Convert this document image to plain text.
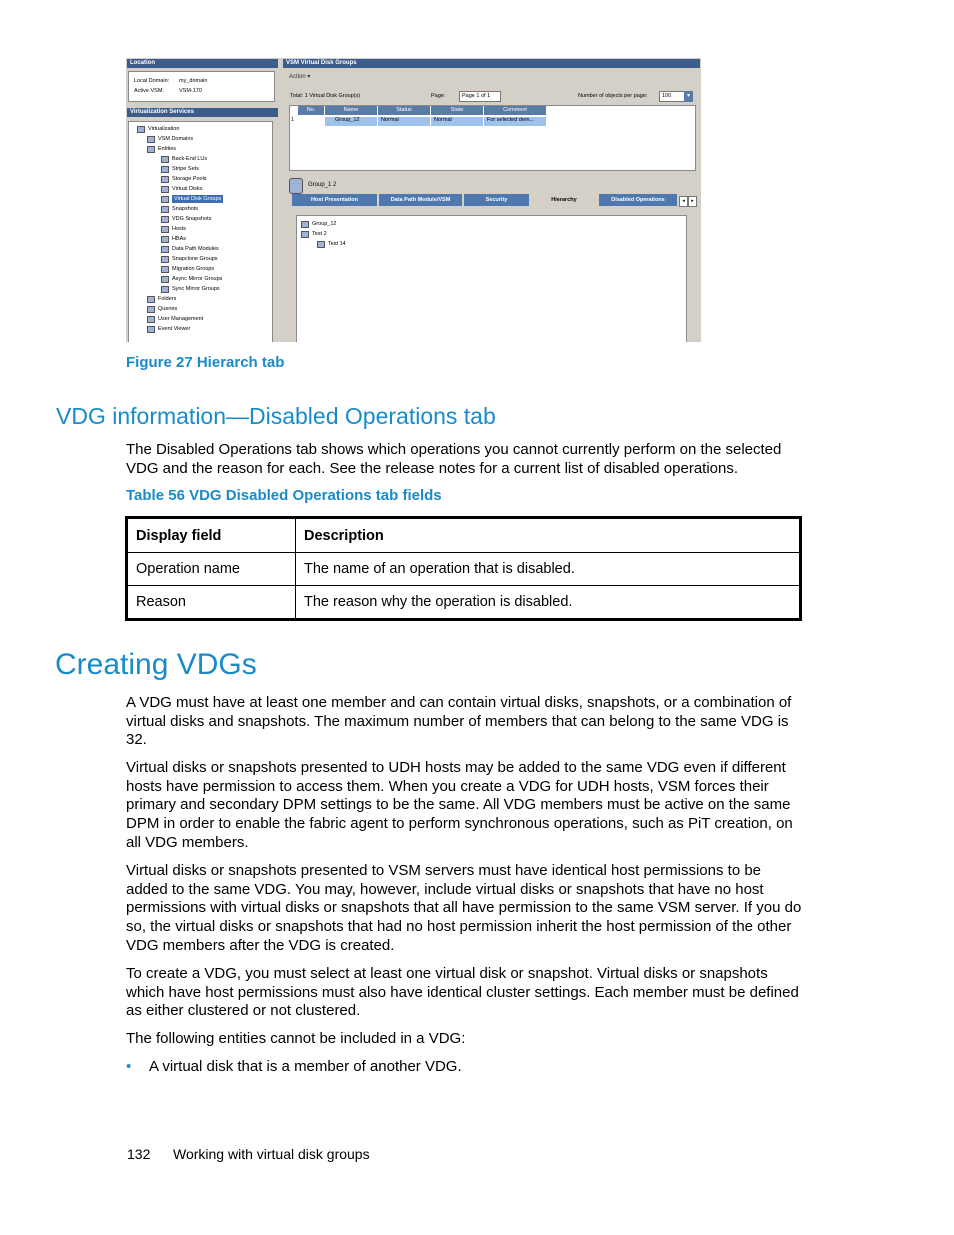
Location
Local Domain: my_domain
Active VSM:	VSM-170
Virtualization Services
Virtualization
VSM Domains
Entities
Back-End LUs
Stripe Sets
Storage Pools
Virtual Disks
Virtual Disk Groups
Snapshots
VDG Snapshots
Hosts
HBAs
Data Path Modules
Snapclone Groups
Migration Groups
Async Mirror Groups
Sync Mirror Groups
Folders
Queries
User Management
Event Viewer
VSM Virtual Disk Groups
Action ▾
Total: 1 Virtual Disk Group(s)	Page:	Page 1 of 1	Number of objects per page:	100	▾
No.	Name	Status	State	Comment
1	Group_12	Normal	Normal	For selected dem...
Group_1 2
Host Presentation	Data Path Module/VSM	Security	Hierarchy	Disabled Operations	◂	▸
Group_12
Test 2
Test 14
Figure 27 Hierarch tab
VDG information—Disabled Operations tab
The Disabled Operations tab shows which operations you cannot currently perform on the selected VDG and the reason for each. See the release notes for a current list of disabled operations.
Table 56 VDG Disabled Operations tab fields
Display field	Description
Operation name	The name of an operation that is disabled.
Reason	The reason why the operation is disabled.
Creating VDGs
A VDG must have at least one member and can contain virtual disks, snapshots, or a combination of virtual disks and snapshots. The maximum number of members that can belong to the same VDG is 32.
Virtual disks or snapshots presented to UDH hosts may be added to the same VDG even if different hosts have permission to access them. When you create a VDG for UDH hosts, VSM forces their primary and secondary DPM settings to be the same. All VDG members must be active on the same DPM in order to enable the fabric agent to perform synchronous operations, such as PiT creation, on all VDG members.
Virtual disks or snapshots presented to VSM servers must have identical host permissions to be added to the same VDG. You may, however, include virtual disks or snapshots that have no host permissions with virtual disks or snapshots that all have permission to the same VSM server. If you do so, the virtual disks or snapshots that had no host permission inherit the host permission of the other VDG members after the VDG is created.
To create a VDG, you must select at least one virtual disk or snapshot. Virtual disks or snapshots which have host permissions must also have identical cluster settings. Each member must be defined as either clustered or not clustered.
The following entities cannot be included in a VDG:
• A virtual disk that is a member of another VDG.
132 Working with virtual disk groups
